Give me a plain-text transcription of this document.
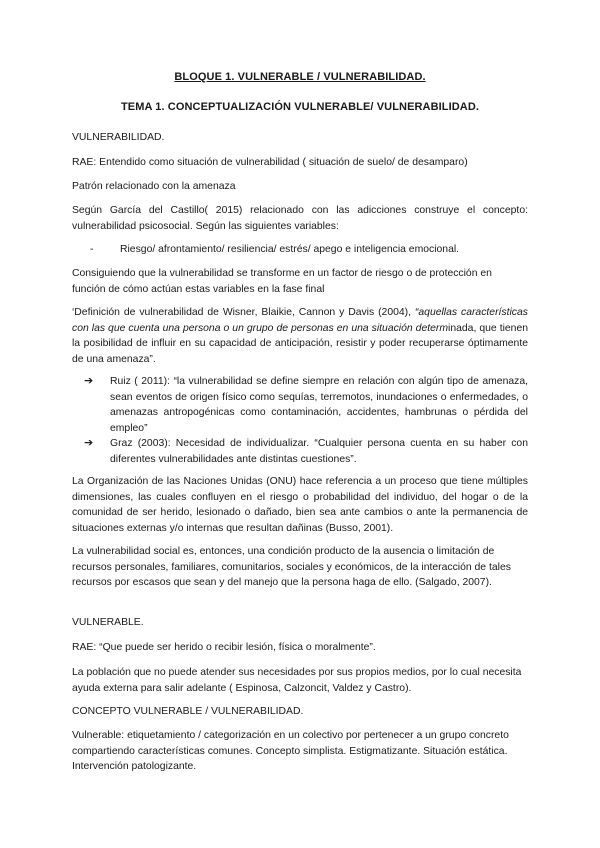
BLOQUE 1. VULNERABLE / VULNERABILIDAD.
TEMA 1. CONCEPTUALIZACIÓN VULNERABLE/ VULNERABILIDAD.

VULNERABILIDAD.

RAE: Entendido como situación de vulnerabilidad ( situación de suelo/ de desamparo)

Patrón relacionado con la amenaza

Según García del Castillo( 2015) relacionado con las adicciones construye el concepto: vulnerabilidad psicosocial. Según las siguientes variables:

-	Riesgo/ afrontamiento/ resiliencia/ estrés/ apego e inteligencia emocional.

Consiguiendo que la vulnerabilidad se transforme en un factor de riesgo o de protección en función de cómo actúan estas variables en la fase final

‘Definición de vulnerabilidad de Wisner, Blaikie, Cannon y Davis (2004), “aquellas características con las que cuenta una persona o un grupo de personas en una situación determinada, que tienen la posibilidad de influir en su capacidad de anticipación, resistir y poder recuperarse óptimamente de una amenaza”.

➔ Ruiz ( 2011): “la vulnerabilidad se define siempre en relación con algún tipo de amenaza, sean eventos de origen físico como sequías, terremotos, inundaciones o enfermedades, o amenazas antropogénicas como contaminación, accidentes, hambrunas o pérdida del empleo”
➔ Graz (2003): Necesidad de individualizar. “Cualquier persona cuenta en su haber con diferentes vulnerabilidades ante distintas cuestiones”.

La Organización de las Naciones Unidas (ONU) hace referencia a un proceso que tiene múltiples dimensiones, las cuales confluyen en el riesgo o probabilidad del individuo, del hogar o de la comunidad de ser herido, lesionado o dañado, bien sea ante cambios o ante la permanencia de situaciones externas y/o internas que resultan dañinas (Busso, 2001).

La vulnerabilidad social es, entonces, una condición producto de la ausencia o limitación de recursos personales, familiares, comunitarios, sociales y económicos, de la interacción de tales recursos por escasos que sean y del manejo que la persona haga de ello. (Salgado, 2007).

VULNERABLE.

RAE: “Que puede ser herido o recibir lesión, física o moralmente”.

La población que no puede atender sus necesidades por sus propios medios, por lo cual necesita ayuda externa para salir adelante ( Espinosa, Calzoncit, Valdez y Castro).

CONCEPTO VULNERABLE / VULNERABILIDAD.

Vulnerable: etiquetamiento / categorización en un colectivo por pertenecer a un grupo concreto compartiendo características comunes. Concepto simplista. Estigmatizante. Situación estática. Intervención patologizante.
